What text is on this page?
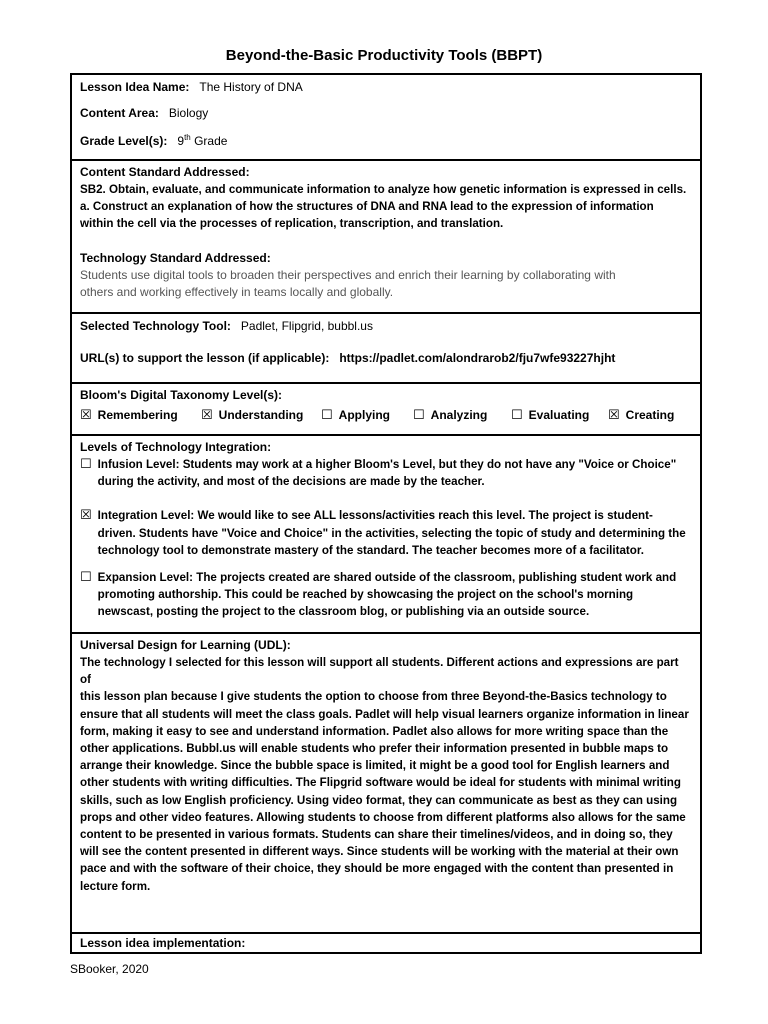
Beyond-the-Basic Productivity Tools (BBPT)
Lesson Idea Name: The History of DNA
Content Area: Biology
Grade Level(s): 9th Grade
Content Standard Addressed:
SB2. Obtain, evaluate, and communicate information to analyze how genetic information is expressed in cells.
a. Construct an explanation of how the structures of DNA and RNA lead to the expression of information
within the cell via the processes of replication, transcription, and translation.
Technology Standard Addressed:
Students use digital tools to broaden their perspectives and enrich their learning by collaborating with
others and working effectively in teams locally and globally.
Selected Technology Tool: Padlet, Flipgrid, bubbl.us
URL(s) to support the lesson (if applicable): https://padlet.com/alondrarob2/fju7wfe93227hjht
Bloom's Digital Taxonomy Level(s):
☒ Remembering ☒ Understanding ☐ Applying ☐ Analyzing ☐ Evaluating ☒ Creating
Levels of Technology Integration:
☐ Infusion Level: Students may work at a higher Bloom's Level, but they do not have any "Voice or Choice"
during the activity, and most of the decisions are made by the teacher.
☒ Integration Level: We would like to see ALL lessons/activities reach this level. The project is student-
driven. Students have "Voice and Choice" in the activities, selecting the topic of study and determining the
technology tool to demonstrate mastery of the standard. The teacher becomes more of a facilitator.
☐ Expansion Level: The projects created are shared outside of the classroom, publishing student work and
promoting authorship. This could be reached by showcasing the project on the school's morning
newscast, posting the project to the classroom blog, or publishing via an outside source.
Universal Design for Learning (UDL):
The technology I selected for this lesson will support all students. Different actions and expressions are part of
this lesson plan because I give students the option to choose from three Beyond-the-Basics technology to
ensure that all students will meet the class goals. Padlet will help visual learners organize information in linear
form, making it easy to see and understand information. Padlet also allows for more writing space than the
other applications. Bubbl.us will enable students who prefer their information presented in bubble maps to
arrange their knowledge. Since the bubble space is limited, it might be a good tool for English learners and
other students with writing difficulties. The Flipgrid software would be ideal for students with minimal writing
skills, such as low English proficiency. Using video format, they can communicate as best as they can using
props and other video features. Allowing students to choose from different platforms also allows for the same
content to be presented in various formats. Students can share their timelines/videos, and in doing so, they
will see the content presented in different ways. Since students will be working with the material at their own
pace and with the software of their choice, they should be more engaged with the content than presented in
lecture form.
Lesson idea implementation:
SBooker, 2020
